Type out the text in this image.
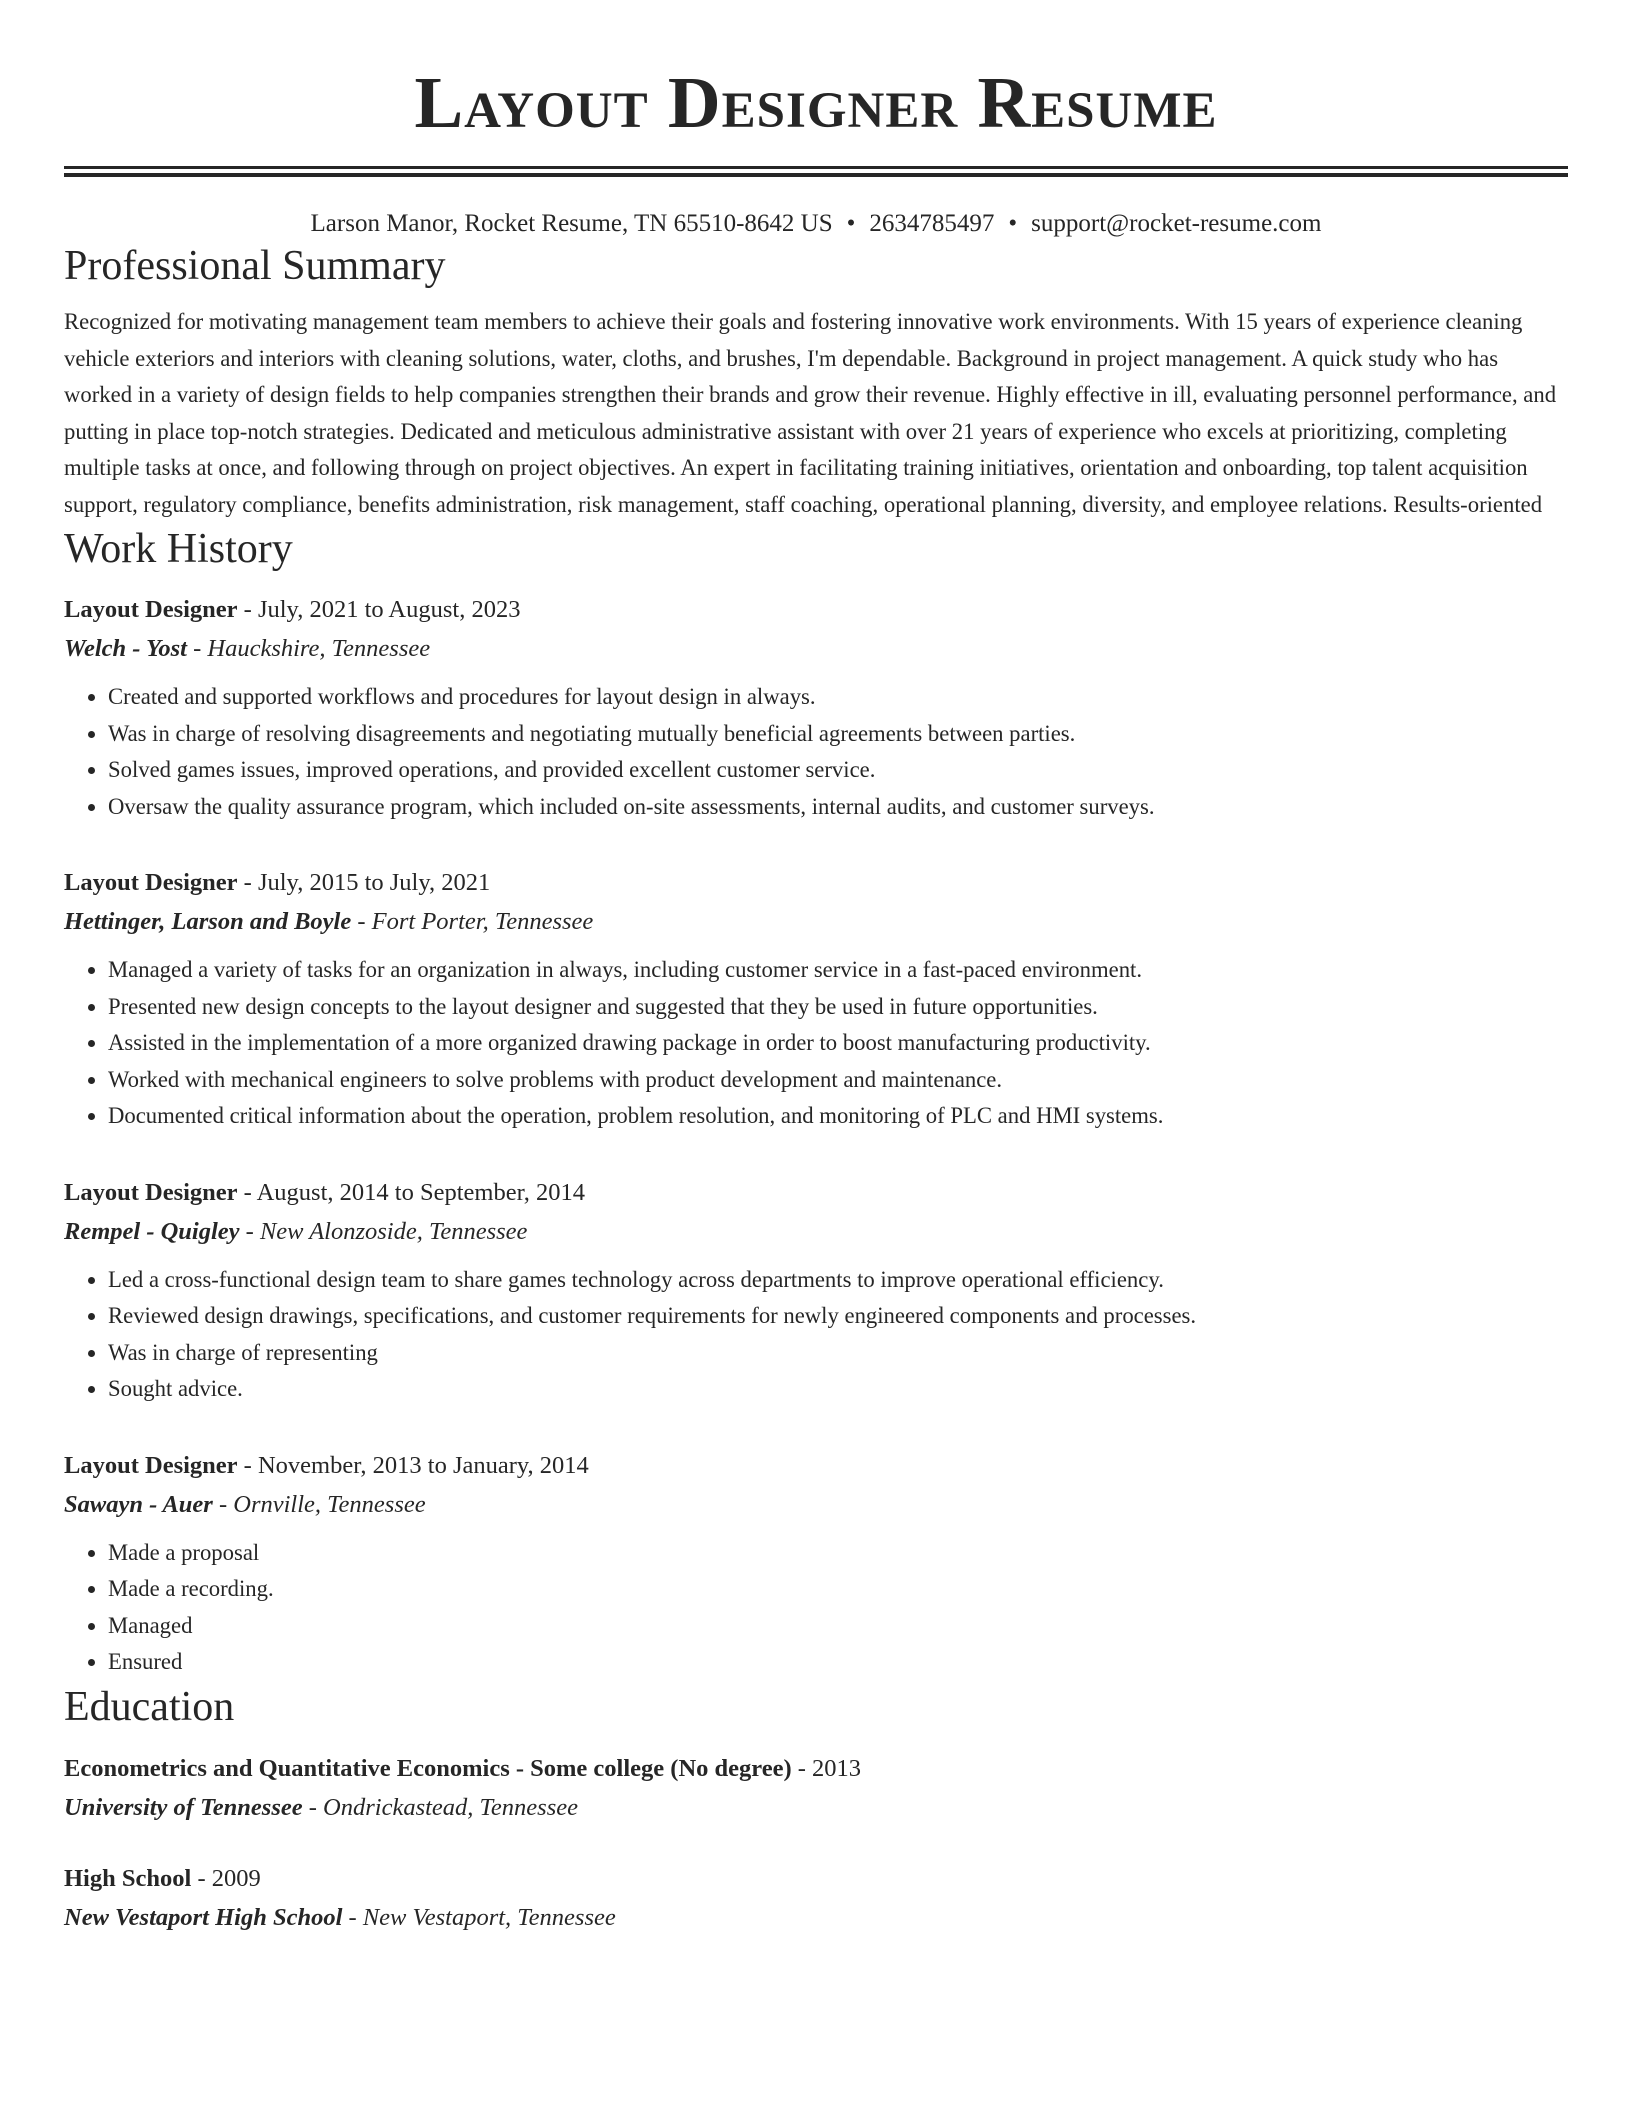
Layout Designer Resume
Larson Manor, Rocket Resume, TN 65510-8642 US • 2634785497 • support@rocket-resume.com
Professional Summary

Recognized for motivating management team members to achieve their goals and fostering innovative work environments. With 15 years of experience cleaning vehicle exteriors and interiors with cleaning solutions, water, cloths, and brushes, I'm dependable. Background in project management. A quick study who has worked in a variety of design fields to help companies strengthen their brands and grow their revenue. Highly effective in ill, evaluating personnel performance, and putting in place top-notch strategies. Dedicated and meticulous administrative assistant with over 21 years of experience who excels at prioritizing, completing multiple tasks at once, and following through on project objectives. An expert in facilitating training initiatives, orientation and onboarding, top talent acquisition support, regulatory compliance, benefits administration, risk management, staff coaching, operational planning, diversity, and employee relations. Results-oriented

Work History
Layout Designer - July, 2021 to August, 2023
Welch - Yost - Hauckshire, Tennessee
• Created and supported workflows and procedures for layout design in always.
• Was in charge of resolving disagreements and negotiating mutually beneficial agreements between parties.
• Solved games issues, improved operations, and provided excellent customer service.
• Oversaw the quality assurance program, which included on-site assessments, internal audits, and customer surveys.
Layout Designer - July, 2015 to July, 2021
Hettinger, Larson and Boyle - Fort Porter, Tennessee
• Managed a variety of tasks for an organization in always, including customer service in a fast-paced environment.
• Presented new design concepts to the layout designer and suggested that they be used in future opportunities.
• Assisted in the implementation of a more organized drawing package in order to boost manufacturing productivity.
• Worked with mechanical engineers to solve problems with product development and maintenance.
• Documented critical information about the operation, problem resolution, and monitoring of PLC and HMI systems.
Layout Designer - August, 2014 to September, 2014
Rempel - Quigley - New Alonzoside, Tennessee
• Led a cross-functional design team to share games technology across departments to improve operational efficiency.
• Reviewed design drawings, specifications, and customer requirements for newly engineered components and processes.
• Was in charge of representing
• Sought advice.
Layout Designer - November, 2013 to January, 2014
Sawayn - Auer - Ornville, Tennessee
• Made a proposal
• Made a recording.
• Managed
• Ensured
Education
Econometrics and Quantitative Economics - Some college (No degree) - 2013
University of Tennessee - Ondrickastead, Tennessee
High School - 2009
New Vestaport High School - New Vestaport, Tennessee
